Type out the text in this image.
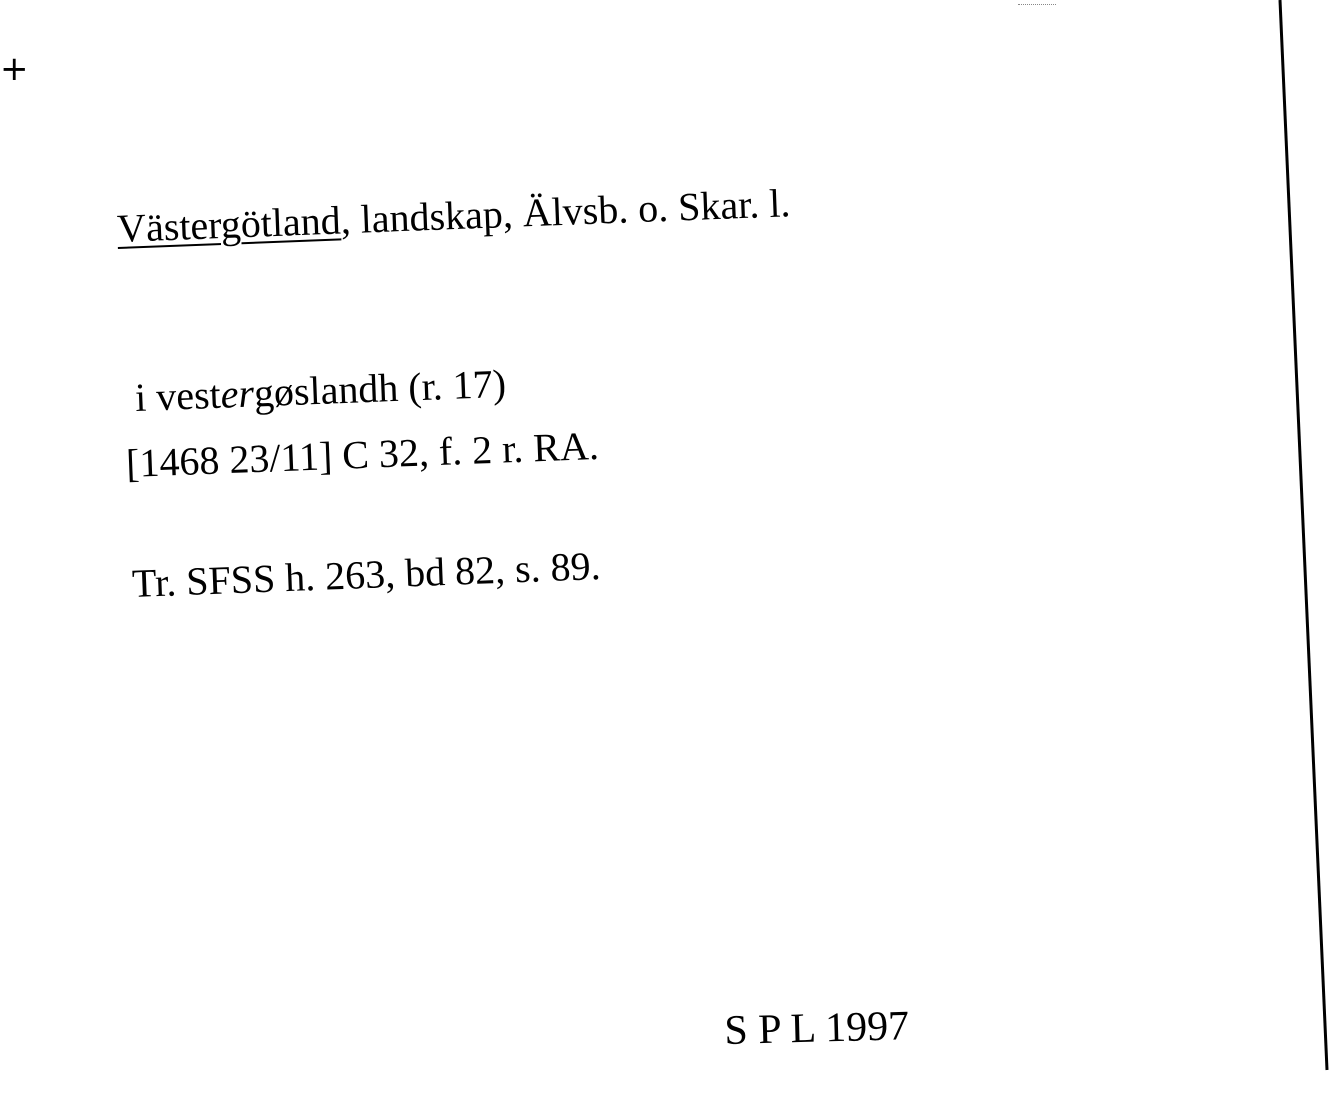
+
Västergötland, landskap, Älvsb. o. Skar. l.
i vestergøslandh (r. 17)
[1468 23/11] C 32, f. 2 r. RA.
Tr. SFSS h. 263, bd 82, s. 89.
S P L 1997
